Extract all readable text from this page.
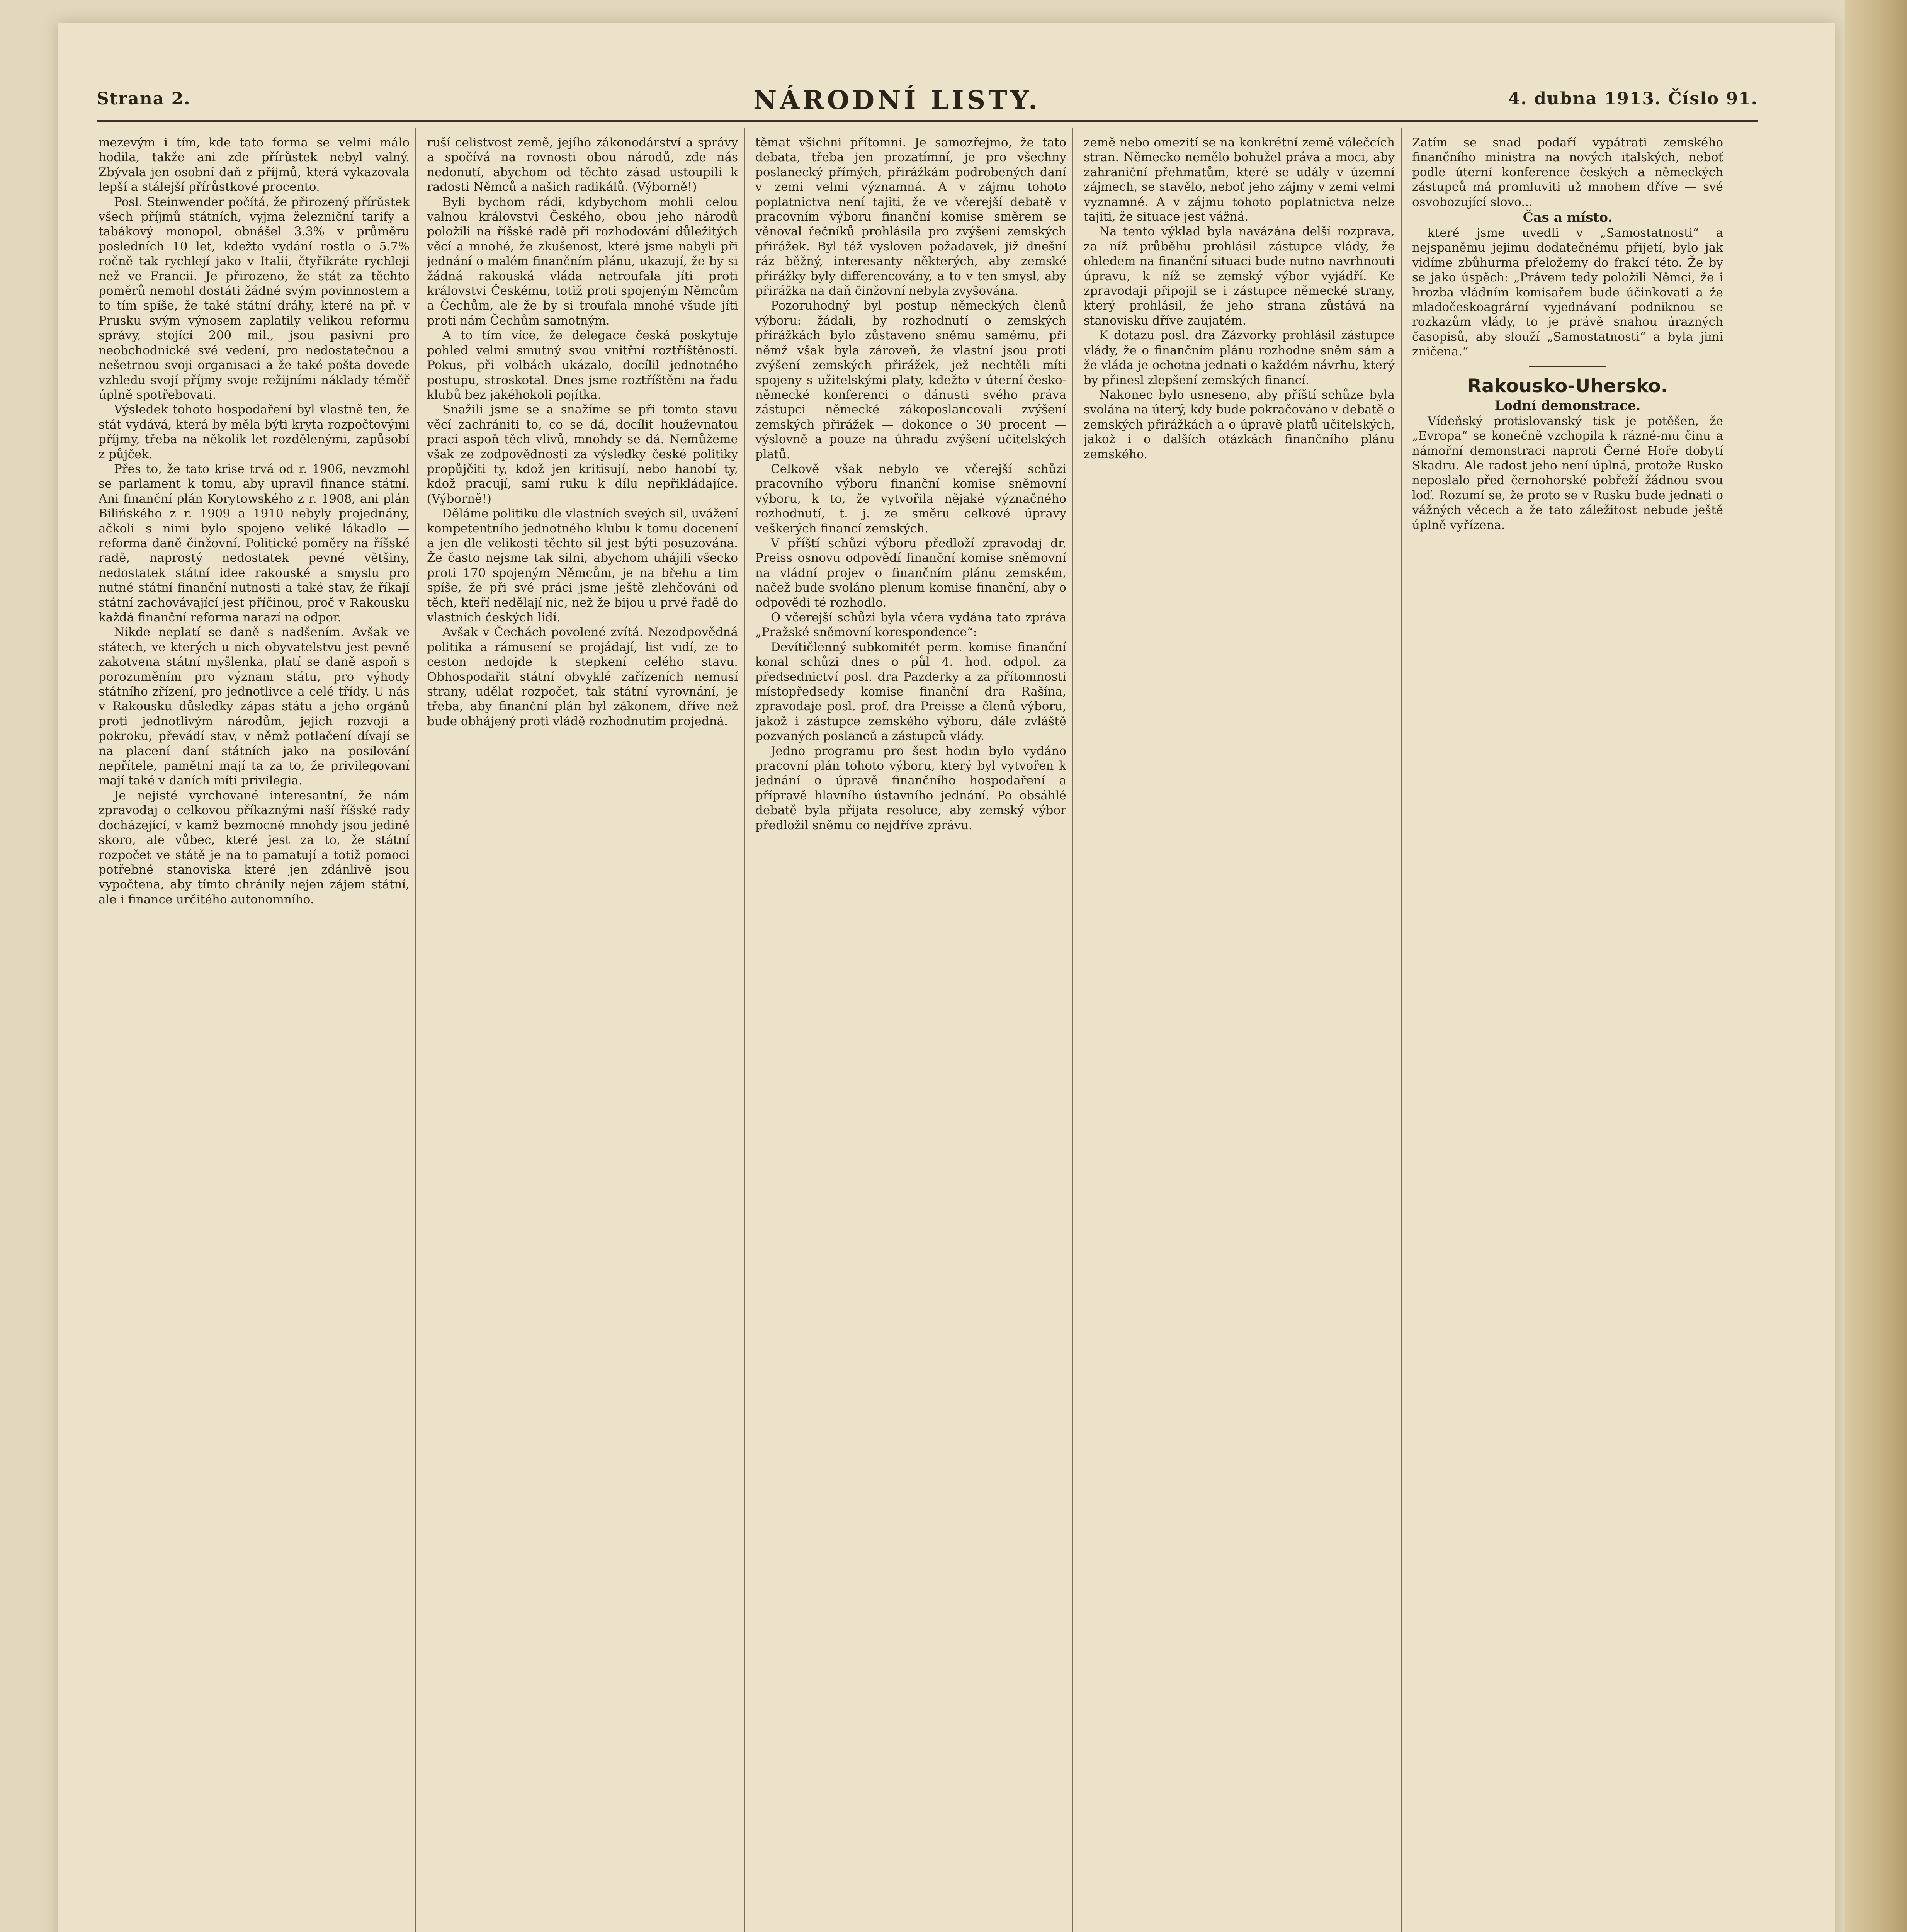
Strana 2.	NÁRODNÍ LISTY.	4. dubna 1913. Číslo 91.

mezevým i tím, kde tato forma se velmi málo hodila, takže ani zde přírůstek nebyl valný. Zbývala jen osobní daň z příjmů, která vykazovala lepší a stálejší přírůstkové procento.

Posl. Steinwender počítá, že přirozený přírůstek všech příjmů státních, vyjma železniční tarify a tabákový monopol, obnášel 3.3% v průměru posledních 10 let, kdežto vydání rostla o 5.7% ročně tak rychlejí jako v Italii, čtyřikráte rychleji než ve Francii. Je přirozeno, že stát za těchto poměrů nemohl dostáti žádné svým povinnostem a to tím spíše, že také státní dráhy, které na př. v Prusku svým výnosem zaplatily velikou reformu správy, stojící 200 mil., jsou pasivní pro neobchodnické své vedení, pro nedostatečnou a nešetrnou svoji organisaci a že také pošta dovede vzhledu svojí příjmy svoje režijními náklady téměř úplně spotřebovati.

Výsledek tohoto hospodaření byl vlastně ten, že stát vydává, která by měla býti kryta rozpočtovými příjmy, třeba na několik let rozdělenými, zapůsobí z půjček.

Přes to, že tato krise trvá od r. 1906, nevzmohl se parlament k tomu, aby upravil finance státní. Ani finanční plán Korytowského z r. 1908, ani plán Bilińského z r. 1909 a 1910 nebyly projednány, ačkoli s nimi bylo spojeno veliké lákadlo — reforma daně činžovní. Politické poměry na říšské radě, naprostý nedostatek pevné většiny, nedostatek státní idee rakouské a smyslu pro nutné státní finanční nutnosti a také stav, že říkají státní zachovávající jest příčinou, proč v Rakousku každá finanční reforma narazí na odpor.

Nikde neplatí se daně s nadšením. Avšak ve státech, ve kterých u nich obyvatelstvu jest pevně zakotvena státní myšlenka, platí se daně aspoň s porozuměním pro význam státu, pro výhody státního zřízení, pro jednotlivce a celé třídy. U nás v Rakousku důsledky zápas státu a jeho orgánů proti jednotlivým národům, jejich rozvoji a pokroku, převádí stav, v němž potlačení dívají se na placení daní státních jako na posilování nepřítele, pamětní mají ta za to, že privilegovaní mají také v daních míti privilegia.

Je nejisté vyrchované interesantní, že nám zpravodaj o celkovou příkaznými naší říšské rady docházející, v kamž bezmocné mnohdy jsou jedině skoro, ale vůbec, které jest za to, že státní rozpočet ve státě je na to pamatují a totiž pomoci potřebné stanoviska které jen zdánlivě jsou vypočtena, aby tímto chránily nejen zájem státní, ale i finance určitého autonomního.

ruší celistvost země, jejího zákonodárství a správy a spočívá na rovnosti obou národů, zde nás nedonutí, abychom od těchto zásad ustoupili k radosti Němců a našich radikálů. (Výborně!)

Byli bychom rádi, kdybychom mohli celou valnou královstvi Českého, obou jeho národů položili na říšské radě při rozhodování důležitých věcí a mnohé, že zkušenost, které jsme nabyli při jednání o malém finančním plánu, ukazují, že by si žádná rakouská vláda netroufala jíti proti královstvi Českému, totiž proti spojeným Němcům a Čechům, ale že by si troufala mnohé všude jíti proti nám Čechům samotným.

A to tím více, že delegace česká poskytuje pohled velmi smutný svou vnitřní roztříštěností. Pokus, při volbách ukázalo, docílil jednotného postupu, stroskotal. Dnes jsme roztříštěni na řadu klubů bez jakéhokoli pojítka.

Snažili jsme se a snažíme se při tomto stavu věcí zachrániti to, co se dá, docílit houževnatou prací aspoň těch vlivů, mnohdy se dá. Nemůžeme však ze zodpovědnosti za výsledky české politiky propůjčiti ty, kdož jen kritisují, nebo hanobí ty, kdož pracují, samí ruku k dílu nepřikládajíce. (Výborně!)

Děláme politiku dle vlastních sveých sil, uvážení kompetentního jednotného klubu k tomu docenení a jen dle velikosti těchto sil jest býti posuzována. Že často nejsme tak silni, abychom uhájili všecko proti 170 spojeným Němcům, je na břehu a tim spíše, že při své práci jsme ještě zlehčováni od těch, kteří nedělají nic, než že bijou u prvé řadě do vlastních českých lidí.

Avšak v Čechách povolené zvítá. Nezodpovědná politika a rámusení se projádají, list vidí, ze to ceston nedojde k stepkení celého stavu. Obhospodařit státní obvyklé zařízeních nemusí strany, udělat rozpočet, tak státní vyrovnání, je třeba, aby finanční plán byl zákonem, dříve než bude obhájený proti vládě rozhodnutím projedná.

těmat všichni přítomni. Je samozřejmo, že tato debata, třeba jen prozatímní, je pro všechny poslanecký přímých, přirážkám podrobených daní v zemi velmi významná. A v zájmu tohoto poplatnictva není tajiti, že ve včerejší debatě v pracovním výboru finanční komise směrem se věnoval řečníků prohlásila pro zvýšení zemských přirážek. Byl též vysloven požadavek, již dnešní ráz běžný, interesanty některých, aby zemské přirážky byly differencovány, a to v ten smysl, aby přirážka na daň činžovní nebyla zvyšována.

Pozoruhodný byl postup německých členů výboru: žádali, by rozhodnutí o zemských přirážkách bylo zůstaveno sněmu samému, při němž však byla zároveň, že vlastní jsou proti zvýšení zemských přirážek, jež nechtěli míti spojeny s užitelskými platy, kdežto v úterní česko-německé konferenci o dánusti svého práva zástupci německé zákoposlancovali zvýšení zemských přirážek — dokonce o 30 procent — výslovně a pouze na úhradu zvýšení učitelských platů.

Celkově však nebylo ve včerejší schůzi pracovního výboru finanční komise sněmovní výboru, k to, že vytvořila nějaké význačného rozhodnutí, t. j. ze směru celkové úpravy veškerých financí zemských.

V příští schůzi výboru předloží zpravodaj dr. Preiss osnovu odpovědí finanční komise sněmovní na vládní projev o finančním plánu zemském, načež bude svoláno plenum komise finanční, aby o odpovědi té rozhodlo.

O včerejší schůzi byla včera vydána tato zpráva „Pražské sněmovní korespondence“:

Devítičlenný subkomitét perm. komise finanční konal schůzi dnes o půl 4. hod. odpol. za předsednictví posl. dra Pazderky a za přítomnosti místopředsedy komise finanční dra Rašína, zpravodaje posl. prof. dra Preisse a členů výboru, jakož i zástupce zemského výboru, dále zvláště pozvaných poslanců a zástupců vlády.

Jedno programu pro šest hodin bylo vydáno pracovní plán tohoto výboru, který byl vytvořen k jednání o úpravě finančního hospodaření a přípravě hlavního ústavního jednání. Po obsáhlé debatě byla přijata resoluce, aby zemský výbor předložil sněmu co nejdříve zprávu.

země nebo omezití se na konkrétní země válečcích stran. Německo nemělo bohužel práva a moci, aby zahraniční přehmatům, které se udály v územní zájmech, se stavělo, neboť jeho zájmy v zemi velmi vyznamné. A v zájmu tohoto poplatnictva nelze tajiti, že situace jest vážná.

Na tento výklad byla navázána delší rozprava, za níž průběhu prohlásil zástupce vlády, že ohledem na finanční situaci bude nutno navrhnouti úpravu, k níž se zemský výbor vyjádří. Ke zpravodaji připojil se i zástupce německé strany, který prohlásil, že jeho strana zůstává na stanovisku dříve zaujatém.

K dotazu posl. dra Zázvorky prohlásil zástupce vlády, že o finančním plánu rozhodne sněm sám a že vláda je ochotna jednati o každém návrhu, který by přinesl zlepšení zemských financí.

Nakonec bylo usneseno, aby příští schůze byla svolána na úterý, kdy bude pokračováno v debatě o zemských přirážkách a o úpravě platů učitelských, jakož i o dalších otázkách finančního plánu zemského.

Zatím se snad podaří vypátrati zemského finančního ministra na nových italských, neboť podle úterní konference českých a německých zástupců má promluviti už mnohem dříve — své osvobozující slovo...

Čas a místo.

které jsme uvedli v „Samostatnosti“ a nejspaněmu jejimu dodatečnému přijetí, bylo jak vidíme zbůhurma přeložemy do frakcí této. Že by se jako úspěch: „Právem tedy položili Němci, že i hrozba vládním komisařem bude účinkovati a že mladočeskoagrární vyjednávaní podniknou se rozkazům vlády, to je právě snahou úrazných časopisů, aby slouží „Samostatnosti“ a byla jimi zničena.“

Rakousko-Uhersko.
Lodní demonstrace.

Vídeňský protislovanský tisk je potěšen, že „Evropa“ se konečně vzchopila k rázné-mu činu a námořní demonstraci naproti Černé Hoře dobytí Skadru. Ale radost jeho není úplná, protože Rusko neposlalo před černohorské pobřeží žádnou svou loď. Rozumí se, že proto se v Rusku bude jednati o vážných věcech a že tato záležitost nebude ještě úplně vyřízena.
